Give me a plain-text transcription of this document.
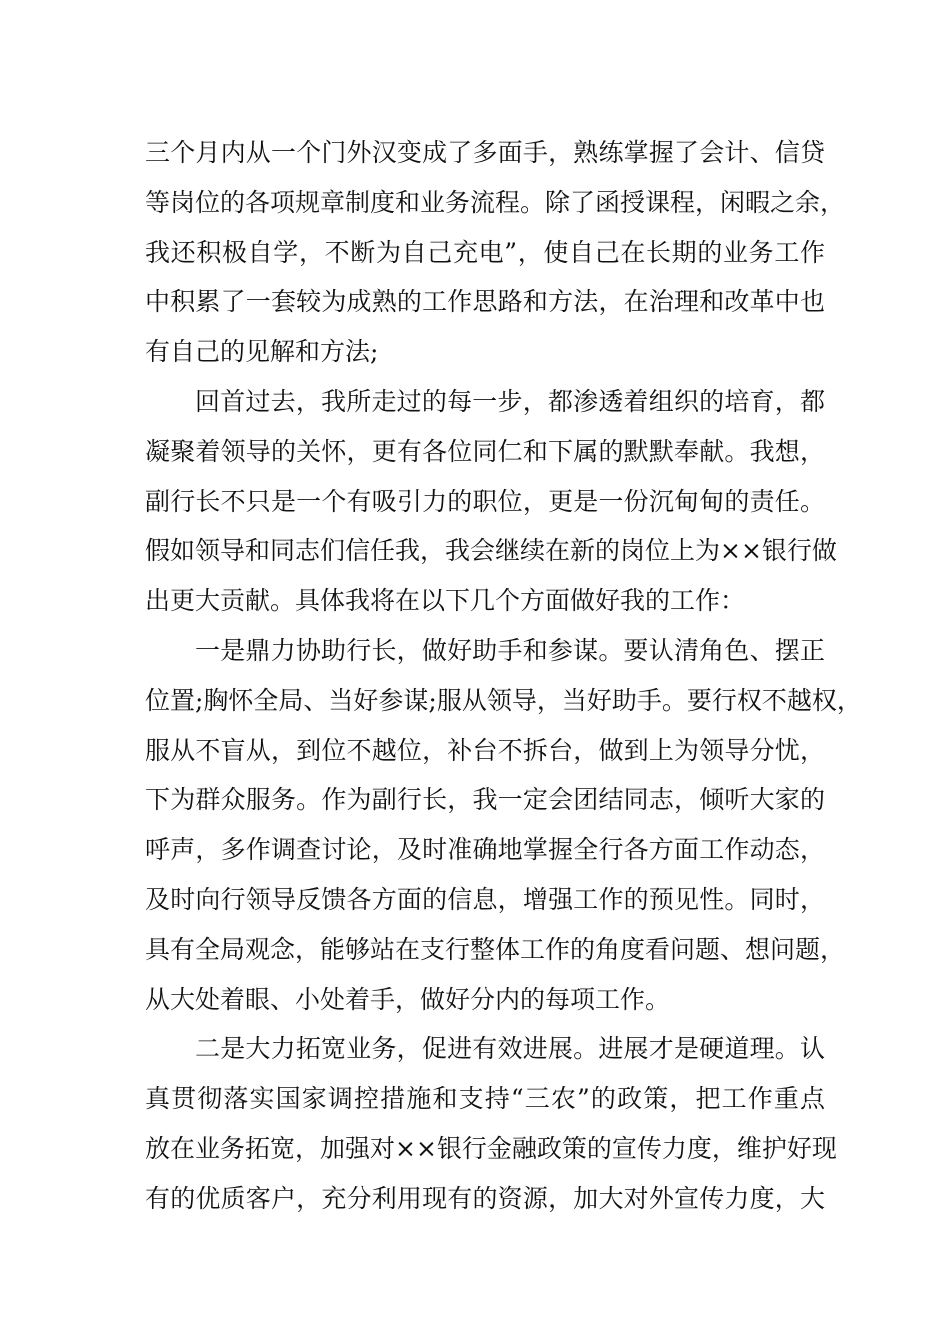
三个月内从一个门外汉变成了多面手，熟练掌握了会计、信贷
等岗位的各项规章制度和业务流程。除了函授课程，闲暇之余，
我还积极自学，不断为自己充电”，使自己在长期的业务工作
中积累了一套较为成熟的工作思路和方法，在治理和改革中也
有自己的见解和方法;
回首过去，我所走过的每一步，都渗透着组织的培育，都
凝聚着领导的关怀，更有各位同仁和下属的默默奉献。我想，
副行长不只是一个有吸引力的职位，更是一份沉甸甸的责任。
假如领导和同志们信任我，我会继续在新的岗位上为××银行做
出更大贡献。具体我将在以下几个方面做好我的工作：
一是鼎力协助行长，做好助手和参谋。要认清角色、摆正
位置;胸怀全局、当好参谋;服从领导，当好助手。要行权不越权，
服从不盲从，到位不越位，补台不拆台，做到上为领导分忧，
下为群众服务。作为副行长，我一定会团结同志，倾听大家的
呼声，多作调查讨论，及时准确地掌握全行各方面工作动态，
及时向行领导反馈各方面的信息，增强工作的预见性。同时，
具有全局观念，能够站在支行整体工作的角度看问题、想问题，
从大处着眼、小处着手，做好分内的每项工作。
二是大力拓宽业务，促进有效进展。进展才是硬道理。认
真贯彻落实国家调控措施和支持“三农”的政策，把工作重点
放在业务拓宽，加强对××银行金融政策的宣传力度，维护好现
有的优质客户，充分利用现有的资源，加大对外宣传力度，大
